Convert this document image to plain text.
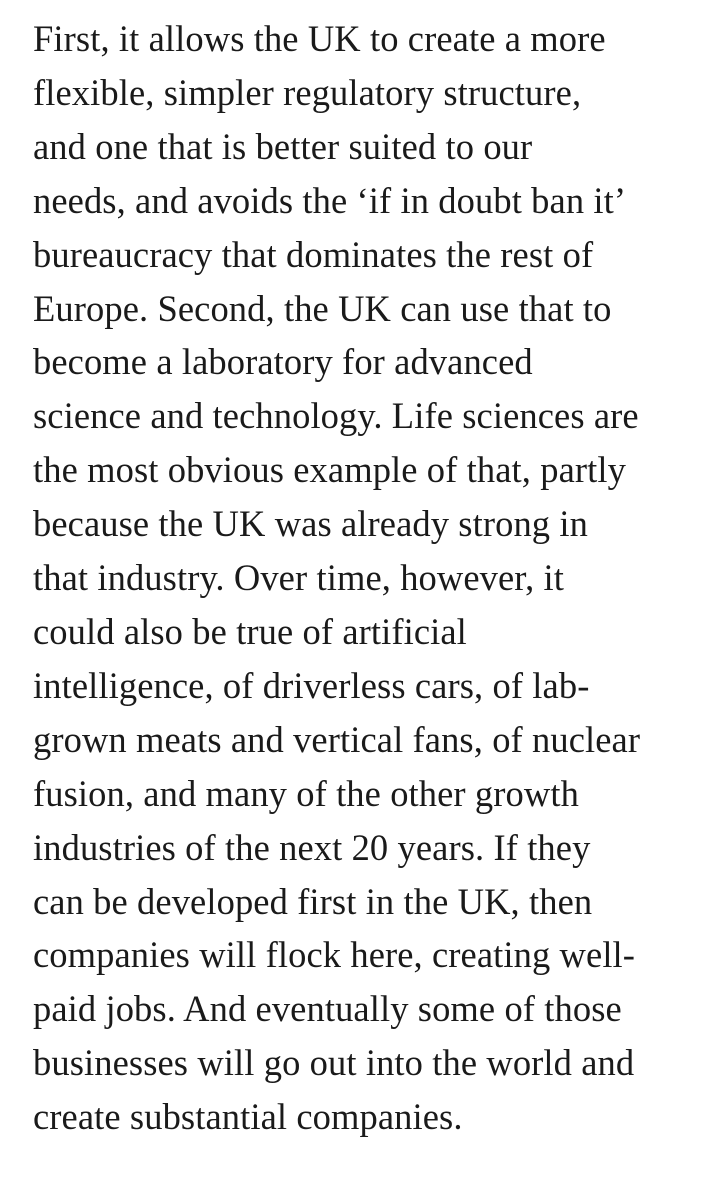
First, it allows the UK to create a more
flexible, simpler regulatory structure,
and one that is better suited to our
needs, and avoids the ‘if in doubt ban it’
bureaucracy that dominates the rest of
Europe. Second, the UK can use that to
become a laboratory for advanced
science and technology. Life sciences are
the most obvious example of that, partly
because the UK was already strong in
that industry. Over time, however, it
could also be true of artificial
intelligence, of driverless cars, of lab-
grown meats and vertical fans, of nuclear
fusion, and many of the other growth
industries of the next 20 years. If they
can be developed first in the UK, then
companies will flock here, creating well-
paid jobs. And eventually some of those
businesses will go out into the world and
create substantial companies.
